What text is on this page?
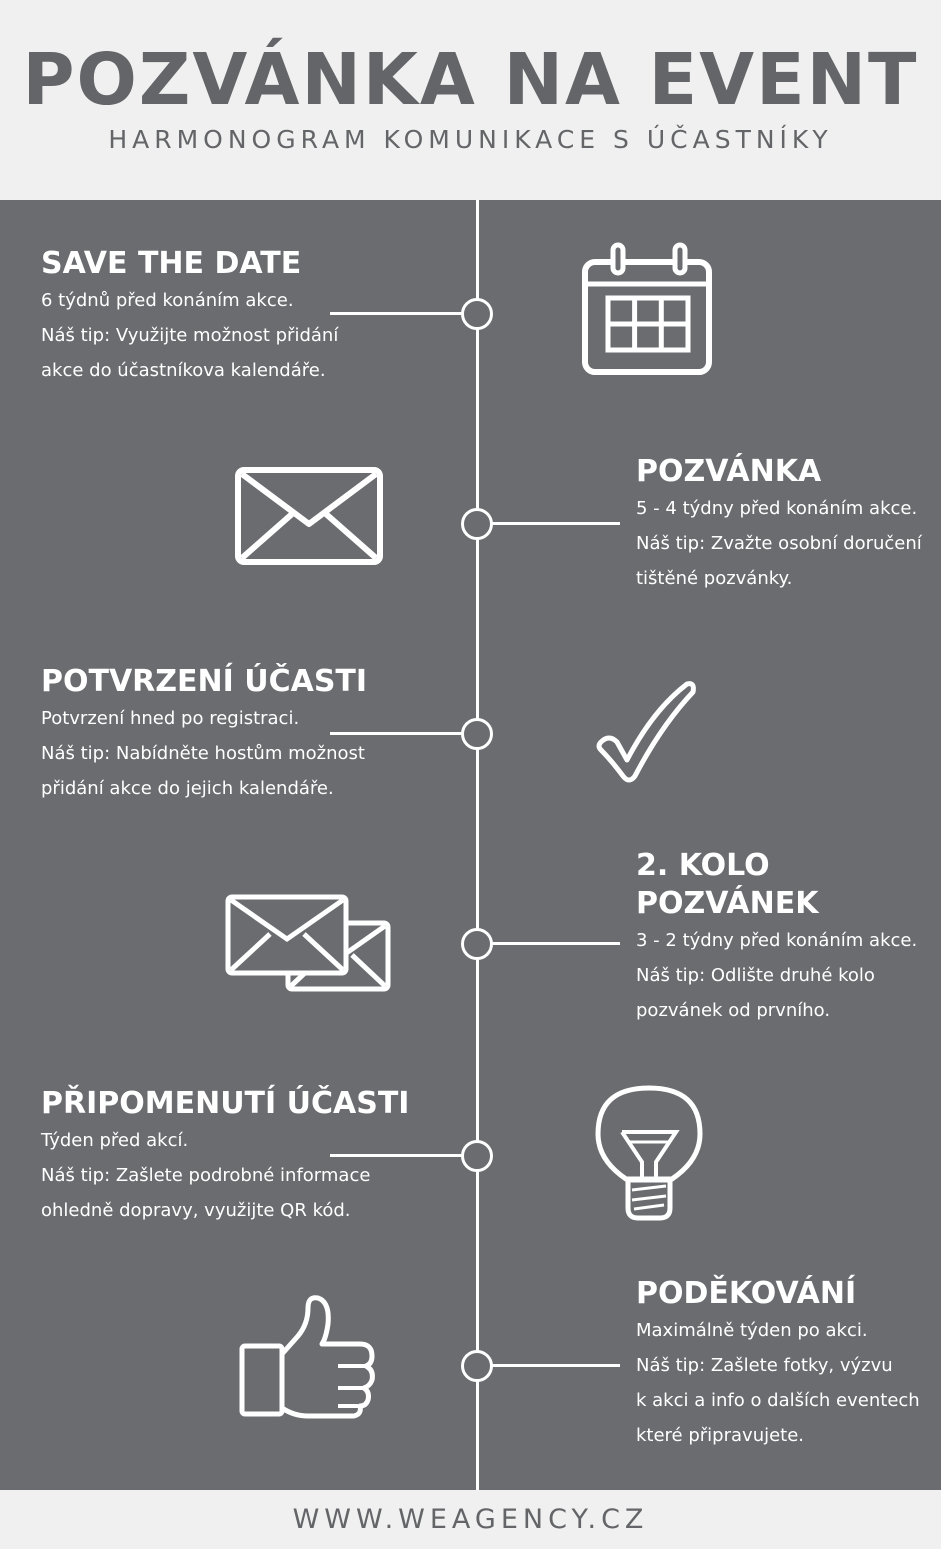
POZVÁNKA NA EVENT
HARMONOGRAM KOMUNIKACE S ÚČASTNÍKY
SAVE THE DATE

6 týdnů před konáním akce.

Náš tip: Využijte možnost přidání

akce do účastníkova kalendáře.

POZVÁNKA

5 - 4 týdny před konáním akce.

Náš tip: Zvažte osobní doručení

tištěné pozvánky.

POTVRZENÍ ÚČASTI

Potvrzení hned po registraci.

Náš tip: Nabídněte hostům možnost

přidání akce do jejich kalendáře.

2. KOLO
POZVÁNEK

3 - 2 týdny před konáním akce.

Náš tip: Odlište druhé kolo

pozvánek od prvního.

PŘIPOMENUTÍ ÚČASTI

Týden před akcí.

Náš tip: Zašlete podrobné informace

ohledně dopravy, využijte QR kód.

PODĚKOVÁNÍ

Maximálně týden po akci.

Náš tip: Zašlete fotky, výzvu

k akci a info o dalších eventech

které připravujete.

WWW.WEAGENCY.CZ
